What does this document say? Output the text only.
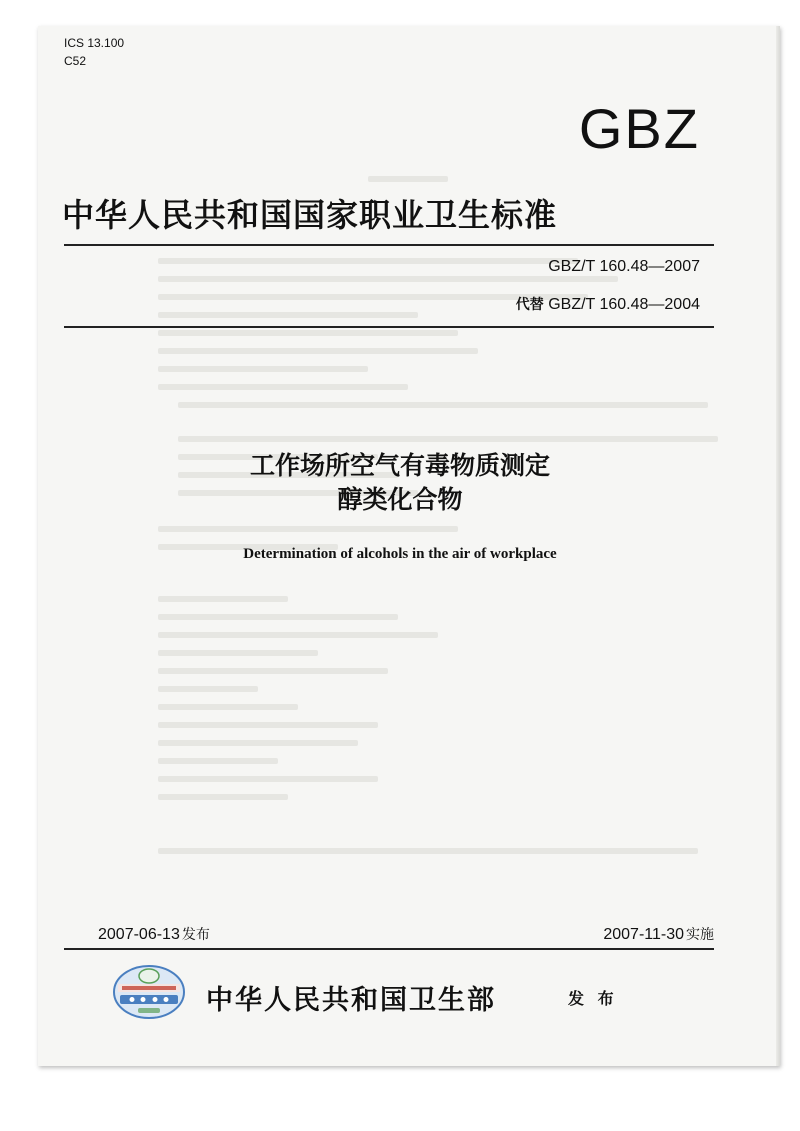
ICS 13.100
C52
GBZ
中华人民共和国国家职业卫生标准
GBZ/T 160.48—2007
代替 GBZ/T 160.48—2004
工作场所空气有毒物质测定
醇类化合物
Determination of alcohols in the air of workplace
2007-06-13 发布	2007-11-30 实施
中华人民共和国卫生部	发 布
